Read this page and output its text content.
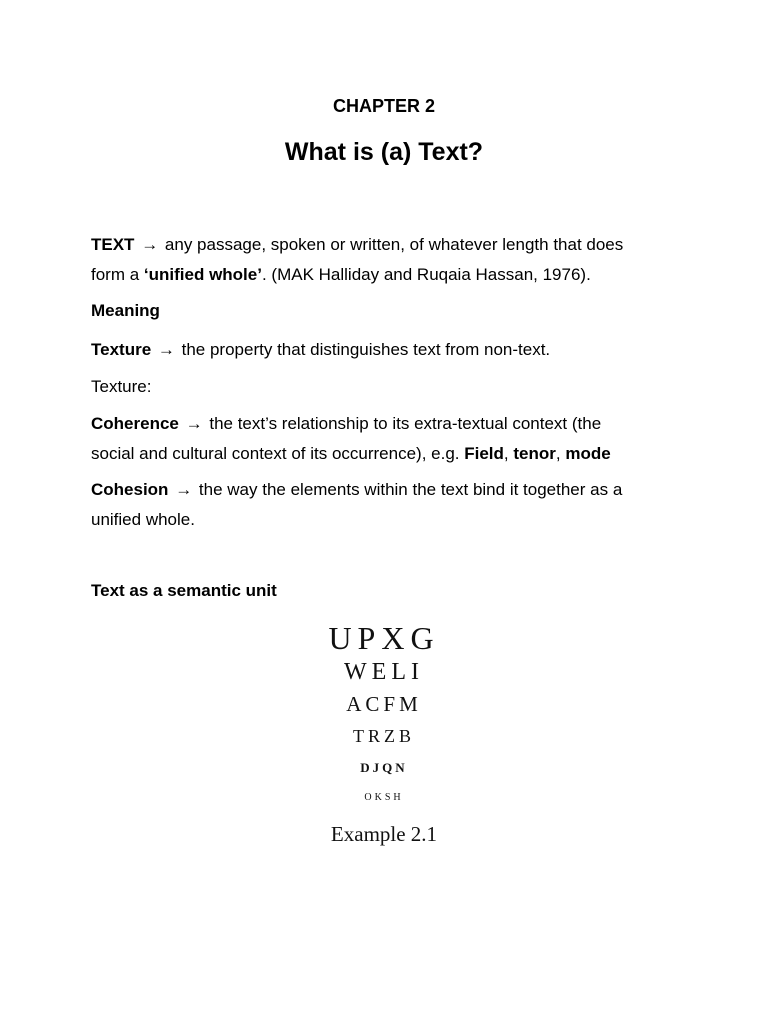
CHAPTER 2
What is (a) Text?
TEXT → any passage, spoken or written, of whatever length that does
form a ‘unified whole’. (MAK Halliday and Ruqaia Hassan, 1976).
Meaning
Texture → the property that distinguishes text from non-text.
Texture:
Coherence → the text’s relationship to its extra-textual context (the
social and cultural context of its occurrence), e.g. Field, tenor, mode
Cohesion → the way the elements within the text bind it together as a
unified whole.
Text as a semantic unit
UPXG
WELI
ACFM
TRZB
DJQN
OKSH
Example 2.1
